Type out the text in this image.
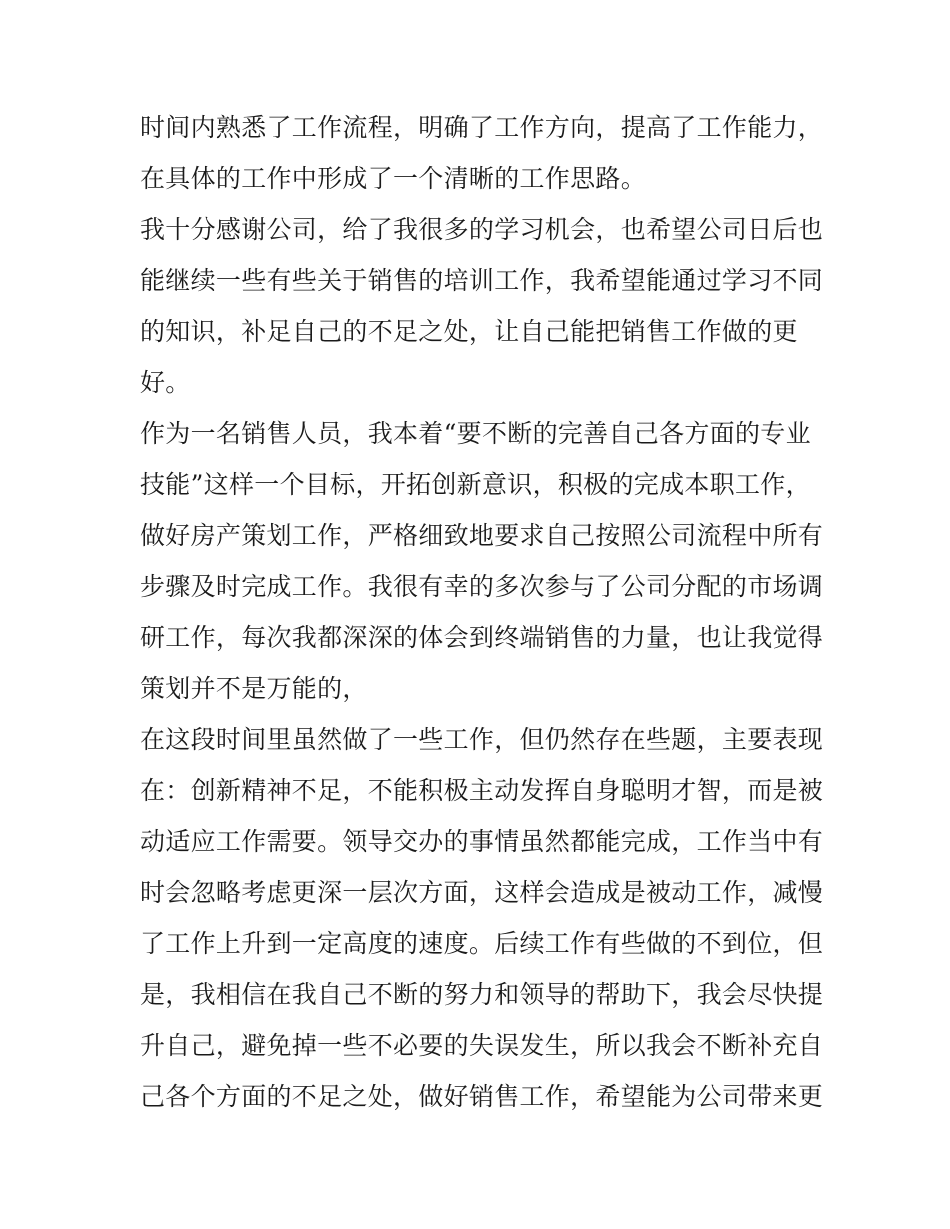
时间内熟悉了工作流程，明确了工作方向，提高了工作能力，
在具体的工作中形成了一个清晰的工作思路。
我十分感谢公司，给了我很多的学习机会，也希望公司日后也
能继续一些有些关于销售的培训工作，我希望能通过学习不同
的知识，补足自己的不足之处，让自己能把销售工作做的更
好。
作为一名销售人员，我本着“要不断的完善自己各方面的专业
技能”这样一个目标，开拓创新意识，积极的完成本职工作，
做好房产策划工作，严格细致地要求自己按照公司流程中所有
步骤及时完成工作。我很有幸的多次参与了公司分配的市场调
研工作，每次我都深深的体会到终端销售的力量，也让我觉得
策划并不是万能的，
在这段时间里虽然做了一些工作，但仍然存在些题，主要表现
在：创新精神不足，不能积极主动发挥自身聪明才智，而是被
动适应工作需要。领导交办的事情虽然都能完成，工作当中有
时会忽略考虑更深一层次方面，这样会造成是被动工作，减慢
了工作上升到一定高度的速度。后续工作有些做的不到位，但
是，我相信在我自己不断的努力和领导的帮助下，我会尽快提
升自己，避免掉一些不必要的失误发生，所以我会不断补充自
己各个方面的不足之处，做好销售工作，希望能为公司带来更
